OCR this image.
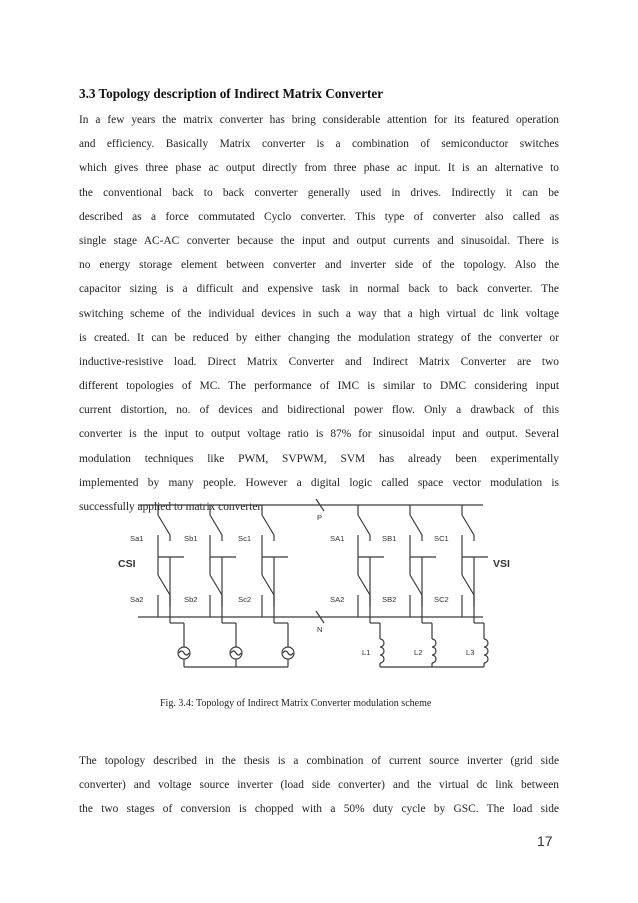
3.3 Topology description of Indirect Matrix Converter
In a few years the matrix converter has bring considerable attention for its featured operation
and efficiency. Basically Matrix converter is a combination of semiconductor switches
which gives three phase ac output directly from three phase ac input. It is an alternative to
the conventional back to back converter generally used in drives. Indirectly it can be
described as a force commutated Cyclo converter. This type of converter also called as
single stage AC-AC converter because the input and output currents and sinusoidal. There is
no energy storage element between converter and inverter side of the topology. Also the
capacitor sizing is a difficult and expensive task in normal back to back converter. The
switching scheme of the individual devices in such a way that a high virtual dc link voltage
is created. It can be reduced by either changing the modulation strategy of the converter or
inductive-resistive load. Direct Matrix Converter and Indirect Matrix Converter are two
different topologies of MC. The performance of IMC is similar to DMC considering input
current distortion, no. of devices and bidirectional power flow. Only a drawback of this
converter is the input to output voltage ratio is 87% for sinusoidal input and output. Several
modulation techniques like PWM, SVPWM, SVM has already been experimentally
implemented by many people. However a digital logic called space vector modulation is
successfully applied to matrix converter.
Sa1	Sb1	Sc1
Sa2	Sb2	Sc2
SA1	SB1	SC1
SA2	SB2	SC2
CSI	VSI
P
N
L1	L2	L3
Fig. 3.4: Topology of Indirect Matrix Converter modulation scheme
The topology described in the thesis is a combination of current source inverter (grid side
converter) and voltage source inverter (load side converter) and the virtual dc link between
the two stages of conversion is chopped with a 50% duty cycle by GSC. The load side
17
